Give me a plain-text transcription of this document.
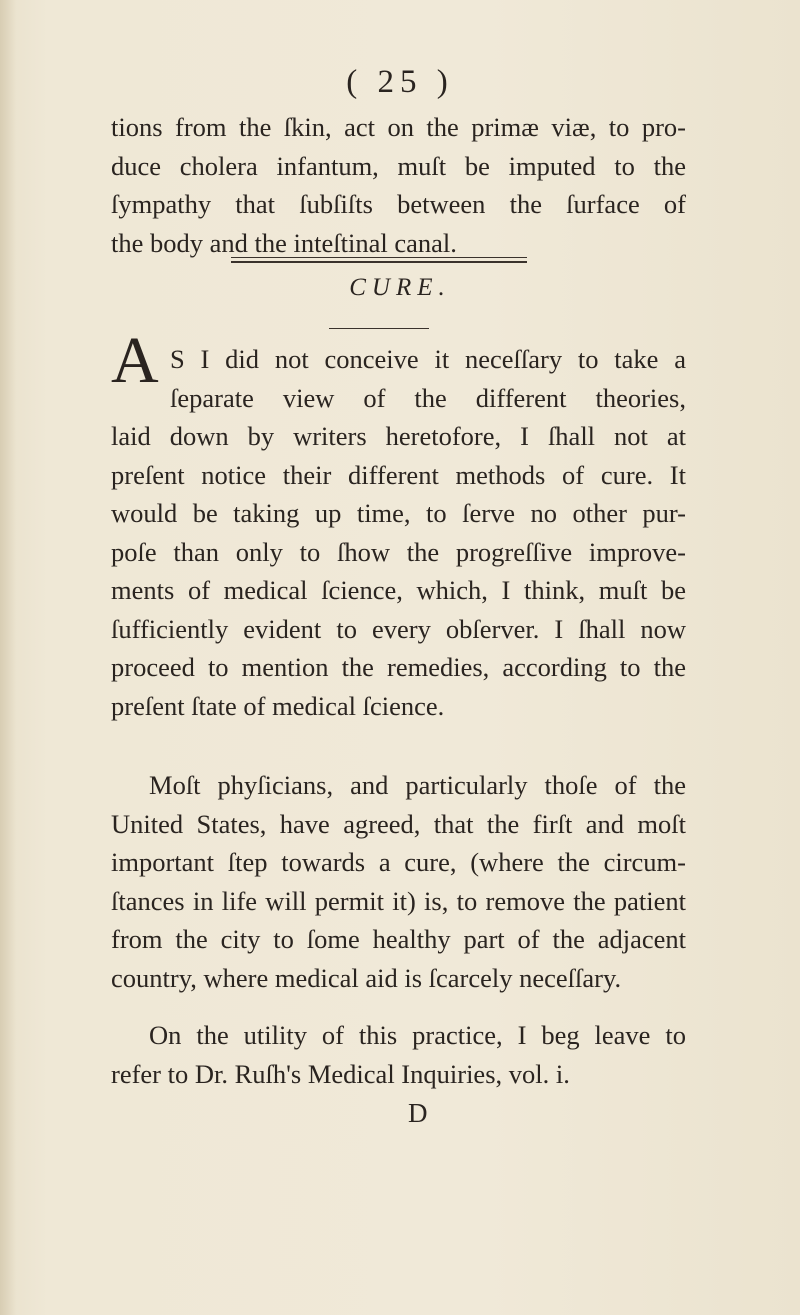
( 25 )
tions from the ſkin, act on the primæ viæ, to pro-
duce cholera infantum, muſt be imputed to the
ſympathy that ſubſiſts between the ſurface of
the body and the inteſtinal canal.
CURE.
A S I did not conceive it neceſſary to take a
ſeparate view of the different theories,
laid down by writers heretofore, I ſhall not at
preſent notice their different methods of cure. It
would be taking up time, to ſerve no other pur-
poſe than only to ſhow the progreſſive improve-
ments of medical ſcience, which, I think, muſt be
ſufficiently evident to every obſerver. I ſhall now
proceed to mention the remedies, according to the
preſent ſtate of medical ſcience.
Moſt phyſicians, and particularly thoſe of the
United States, have agreed, that the firſt and moſt
important ſtep towards a cure, (where the circum-
ſtances in life will permit it) is, to remove the patient
from the city to ſome healthy part of the adjacent
country, where medical aid is ſcarcely neceſſary.
On the utility of this practice, I beg leave to
refer to Dr. Ruſh's Medical Inquiries, vol. i.
D
